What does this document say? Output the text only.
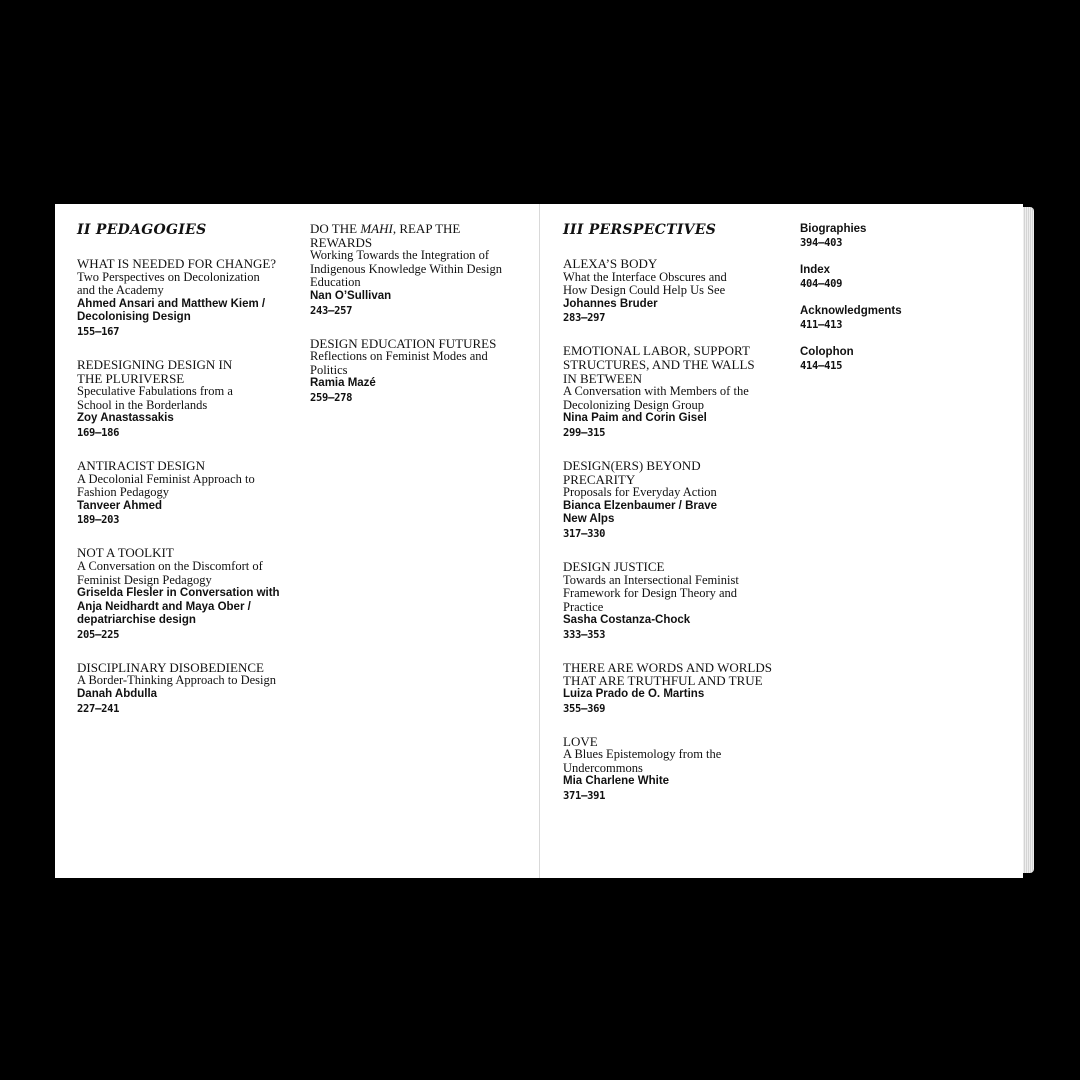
II PEDAGOGIES
WHAT IS NEEDED FOR CHANGE?
Two Perspectives on Decolonization and the Academy
Ahmed Ansari and Matthew Kiem / Decolonising Design
155–167
REDESIGNING DESIGN IN THE PLURIVERSE
Speculative Fabulations from a School in the Borderlands
Zoy Anastassakis
169–186
ANTIRACIST DESIGN
A Decolonial Feminist Approach to Fashion Pedagogy
Tanveer Ahmed
189–203
NOT A TOOLKIT
A Conversation on the Discomfort of Feminist Design Pedagogy
Griselda Flesler in Conversation with Anja Neidhardt and Maya Ober / depatriarchise design
205–225
DISCIPLINARY DISOBEDIENCE
A Border-Thinking Approach to Design
Danah Abdulla
227–241
DO THE MAHI, REAP THE REWARDS
Working Towards the Integration of Indigenous Knowledge Within Design Education
Nan O’Sullivan
243–257
DESIGN EDUCATION FUTURES
Reflections on Feminist Modes and Politics
Ramia Mazé
259–278
III PERSPECTIVES
ALEXA’S BODY
What the Interface Obscures and How Design Could Help Us See
Johannes Bruder
283–297
EMOTIONAL LABOR, SUPPORT STRUCTURES, AND THE WALLS IN BETWEEN
A Conversation with Members of the Decolonizing Design Group
Nina Paim and Corin Gisel
299–315
DESIGN(ERS) BEYOND PRECARITY
Proposals for Everyday Action
Bianca Elzenbaumer / Brave New Alps
317–330
DESIGN JUSTICE
Towards an Intersectional Feminist Framework for Design Theory and Practice
Sasha Costanza-Chock
333–353
THERE ARE WORDS AND WORLDS THAT ARE TRUTHFUL AND TRUE
Luiza Prado de O. Martins
355–369
LOVE
A Blues Epistemology from the Undercommons
Mia Charlene White
371–391
Biographies
394–403
Index
404–409
Acknowledgments
411–413
Colophon
414–415
